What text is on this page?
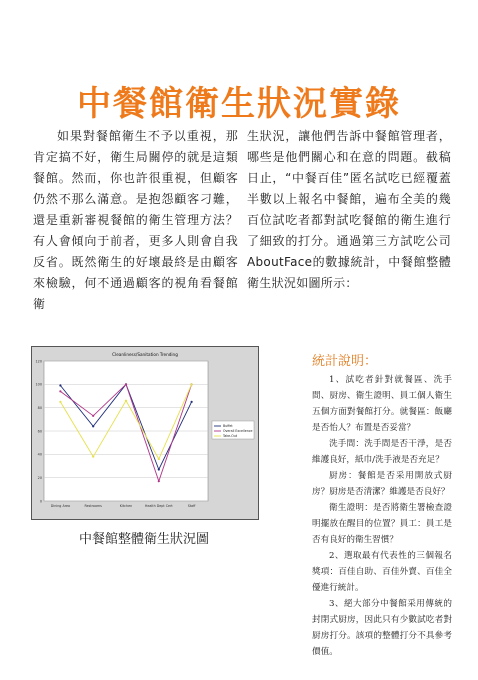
中餐館衛生狀況實錄

如果對餐館衛生不予以重視，那肯定搞不好，衛生局關停的就是這類餐館。然而，你也許很重視，但顧客仍然不那么滿意。是抱怨顧客刁難，還是重新審視餐館的衛生管理方法？有人會傾向于前者，更多人則會自我反省。既然衛生的好壞最終是由顧客來檢驗，何不通過顧客的視角看餐館衛

生狀況，讓他們告訴中餐館管理者，哪些是他們關心和在意的問題。截稿日止，“中餐百佳”匿名試吃已經覆蓋半數以上報名中餐館，遍布全美的幾百位試吃者都對試吃餐館的衛生進行了細致的打分。通過第三方試吃公司AboutFace的數據統計，中餐館整體衛生狀況如圖所示：

Cleanliness/Sanitation Trending
0
20
40
60
80
100
120
Dining Area	Restrooms	Kitchen	Health Dept Cert	Staff
Buffet
Overall Excellence
Take-Out
中餐館整體衛生狀況圖
統計說明：

1、試吃者針對就餐區、洗手間、厨房、衛生證明、員工個人衛生五個方面對餐館打分。就餐區：飯廳是否怡人？布置是否妥當？

洗手間：洗手間是否干淨，是否維護良好，紙巾/洗手液是否充足？

厨房：餐館是否采用開放式厨房？厨房是否清潔？維護是否良好？

衛生證明：是否將衛生署檢查證明擺放在醒目的位置？員工：員工是否有良好的衛生習慣？

2、選取最有代表性的三個報名獎項：百佳自助、百佳外賣、百佳全優進行統計。

3、絕大部分中餐館采用傳統的封閉式厨房，因此只有少數試吃者對厨房打分。該項的整體打分不具參考價值。
